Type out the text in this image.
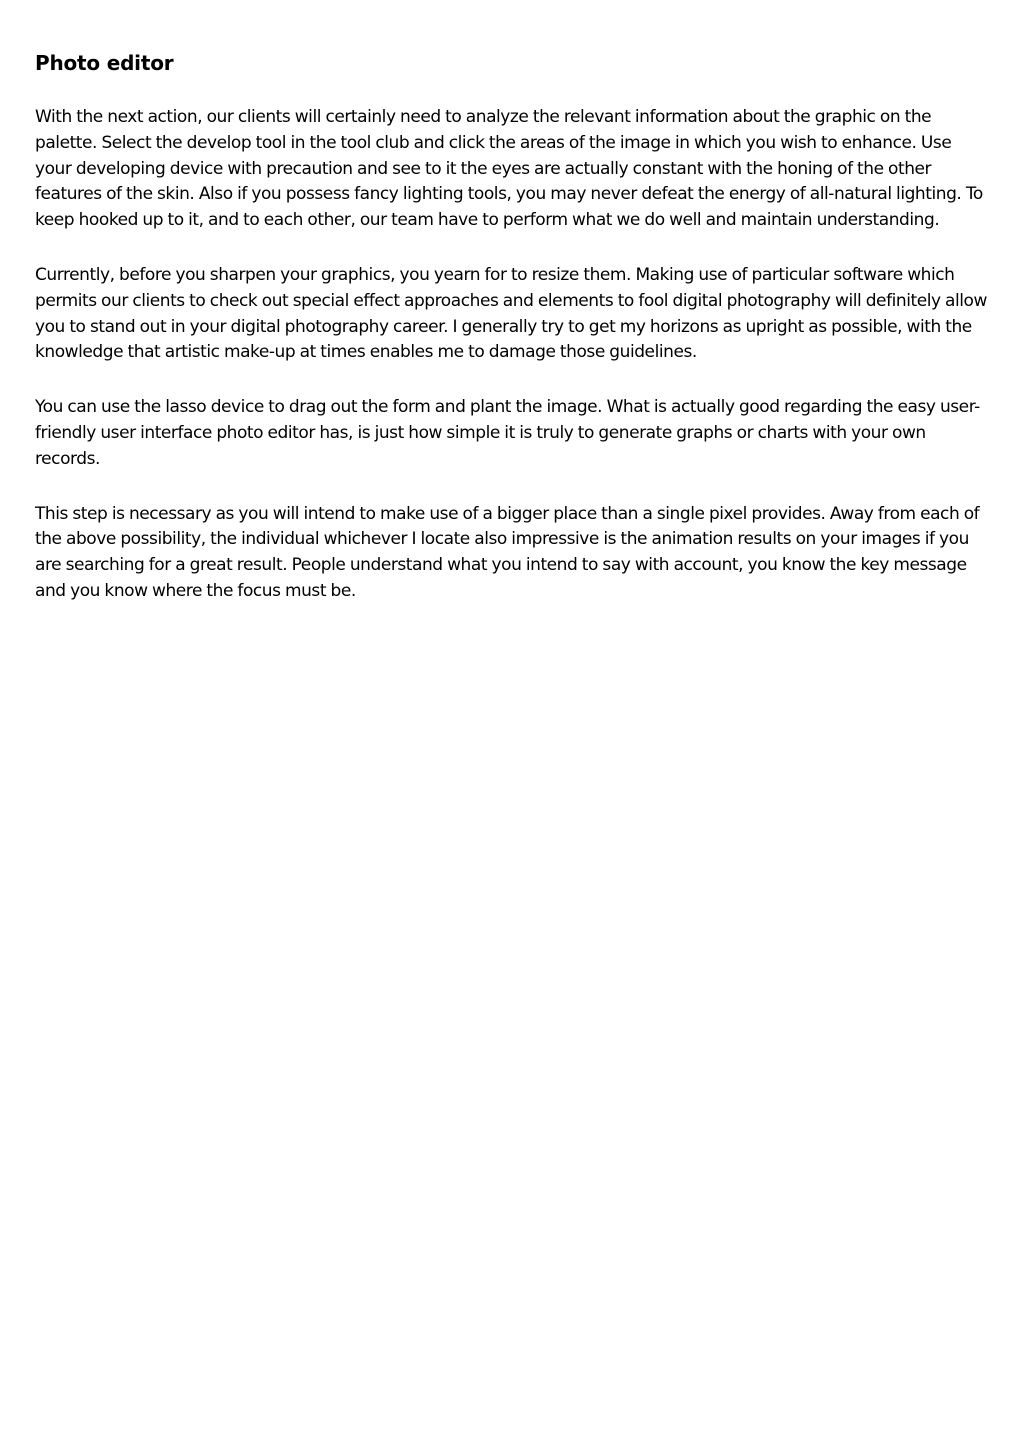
Photo editor

With the next action, our clients will certainly need to analyze the relevant information about the graphic on the palette. Select the develop tool in the tool club and click the areas of the image in which you wish to enhance. Use your developing device with precaution and see to it the eyes are actually constant with the honing of the other features of the skin. Also if you possess fancy lighting tools, you may never defeat the energy of all-natural lighting. To keep hooked up to it, and to each other, our team have to perform what we do well and maintain understanding.

Currently, before you sharpen your graphics, you yearn for to resize them. Making use of particular software which permits our clients to check out special effect approaches and elements to fool digital photography will definitely allow you to stand out in your digital photography career. I generally try to get my horizons as upright as possible, with the knowledge that artistic make-up at times enables me to damage those guidelines.

You can use the lasso device to drag out the form and plant the image. What is actually good regarding the easy user-friendly user interface photo editor has, is just how simple it is truly to generate graphs or charts with your own records.

This step is necessary as you will intend to make use of a bigger place than a single pixel provides. Away from each of the above possibility, the individual whichever I locate also impressive is the animation results on your images if you are searching for a great result. People understand what you intend to say with account, you know the key message and you know where the focus must be.
